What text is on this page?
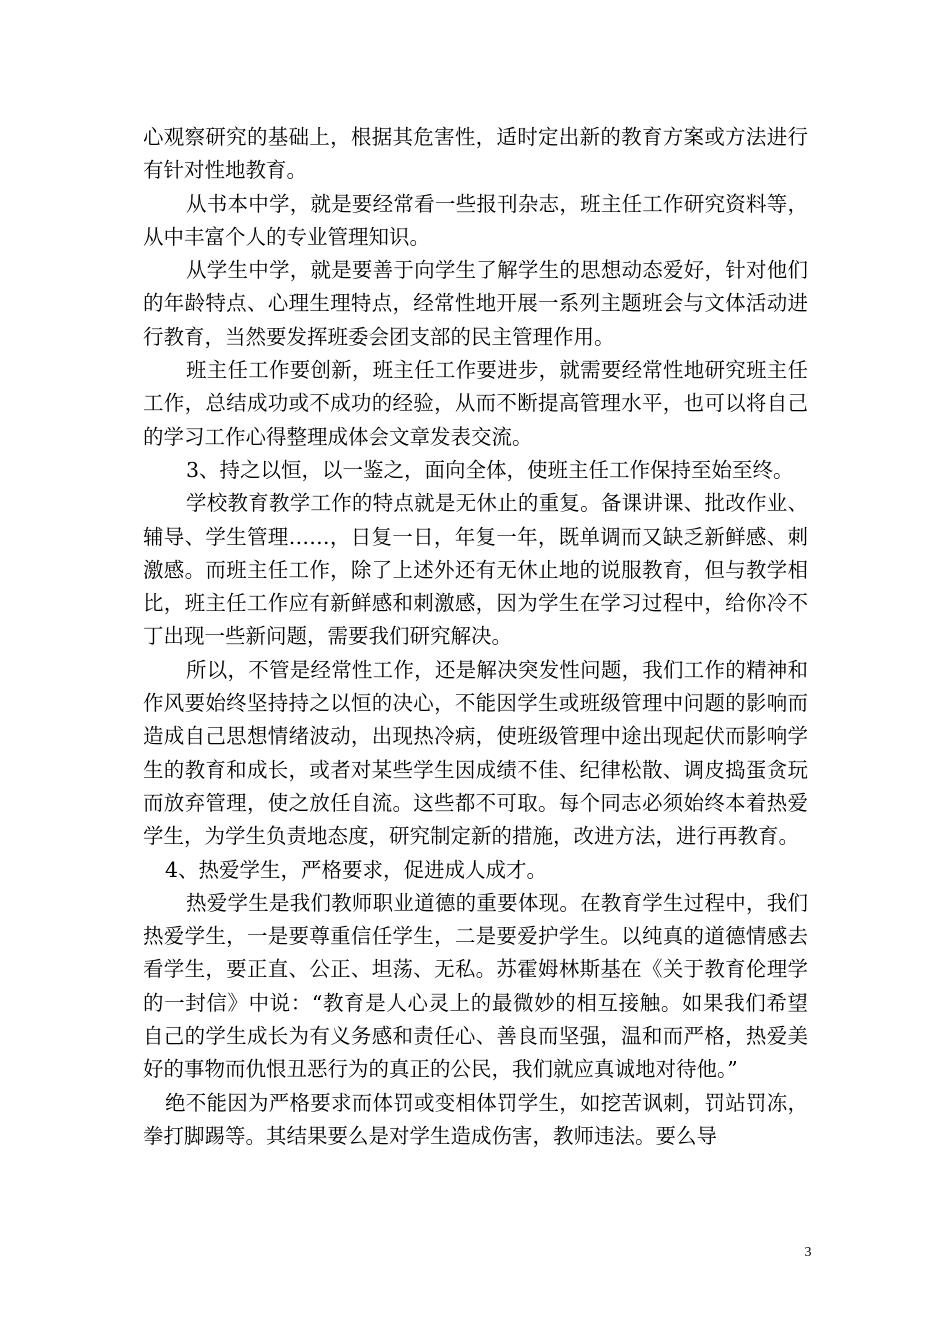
心观察研究的基础上，根据其危害性，适时定出新的教育方案或方法进行有针对性地教育。

从书本中学，就是要经常看一些报刊杂志，班主任工作研究资料等，从中丰富个人的专业管理知识。

从学生中学，就是要善于向学生了解学生的思想动态爱好，针对他们的年龄特点、心理生理特点，经常性地开展一系列主题班会与文体活动进行教育，当然要发挥班委会团支部的民主管理作用。

班主任工作要创新，班主任工作要进步，就需要经常性地研究班主任工作，总结成功或不成功的经验，从而不断提高管理水平，也可以将自己的学习工作心得整理成体会文章发表交流。

3、持之以恒，以一鉴之，面向全体，使班主任工作保持至始至终。

学校教育教学工作的特点就是无休止的重复。备课讲课、批改作业、辅导、学生管理……，日复一日，年复一年，既单调而又缺乏新鲜感、刺激感。而班主任工作，除了上述外还有无休止地的说服教育，但与教学相比，班主任工作应有新鲜感和刺激感，因为学生在学习过程中，给你冷不丁出现一些新问题，需要我们研究解决。

所以，不管是经常性工作，还是解决突发性问题，我们工作的精神和作风要始终坚持持之以恒的决心，不能因学生或班级管理中问题的影响而造成自己思想情绪波动，出现热冷病，使班级管理中途出现起伏而影响学生的教育和成长，或者对某些学生因成绩不佳、纪律松散、调皮捣蛋贪玩而放弃管理，使之放任自流。这些都不可取。每个同志必须始终本着热爱学生，为学生负责地态度，研究制定新的措施，改进方法，进行再教育。

4、热爱学生，严格要求，促进成人成才。

热爱学生是我们教师职业道德的重要体现。在教育学生过程中，我们热爱学生，一是要尊重信任学生，二是要爱护学生。以纯真的道德情感去看学生，要正直、公正、坦荡、无私。苏霍姆林斯基在《关于教育伦理学的一封信》中说：“教育是人心灵上的最微妙的相互接触。如果我们希望自己的学生成长为有义务感和责任心、善良而坚强，温和而严格，热爱美好的事物而仇恨丑恶行为的真正的公民，我们就应真诚地对待他。”

绝不能因为严格要求而体罚或变相体罚学生，如挖苦讽刺，罚站罚冻，拳打脚踢等。其结果要么是对学生造成伤害，教师违法。要么导

3
